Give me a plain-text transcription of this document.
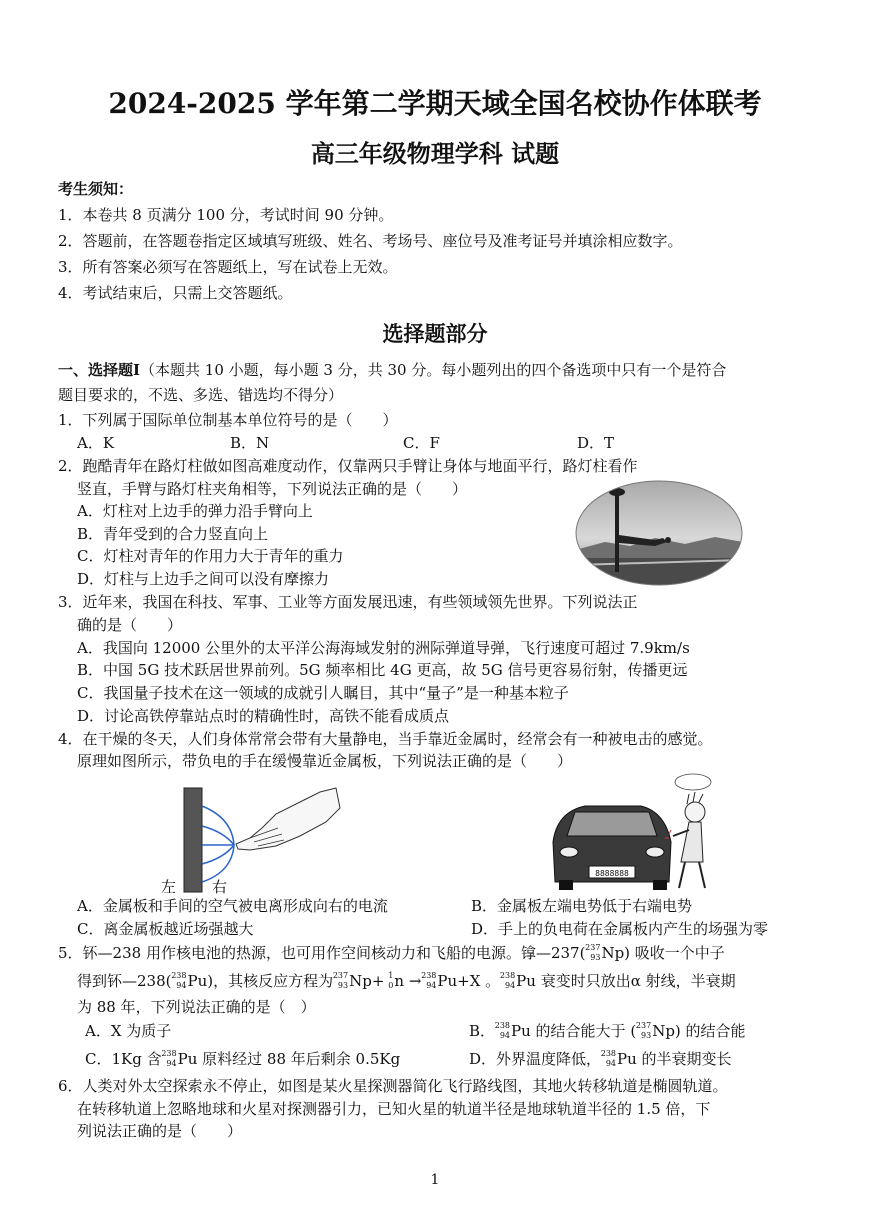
2024-2025 学年第二学期天域全国名校协作体联考
高三年级物理学科 试题
考生须知：
1．本卷共 8 页满分 100 分，考试时间 90 分钟。
2．答题前，在答题卷指定区域填写班级、姓名、考场号、座位号及准考证号并填涂相应数字。
3．所有答案必须写在答题纸上，写在试卷上无效。
4．考试结束后，只需上交答题纸。
选择题部分
一、选择题Ⅰ（本题共 10 小题，每小题 3 分，共 30 分。每小题列出的四个备选项中只有一个是符合
题目要求的，不选、多选、错选均不得分）
1．下列属于国际单位制基本单位符号的是（　　）
A．K	B．N	C．F	D．T
2．跑酷青年在路灯柱做如图高难度动作，仅靠两只手臂让身体与地面平行，路灯柱看作
竖直，手臂与路灯柱夹角相等，下列说法正确的是（　　）
A．灯柱对上边手的弹力沿手臂向上
B．青年受到的合力竖直向上
C．灯柱对青年的作用力大于青年的重力
D．灯柱与上边手之间可以没有摩擦力
3．近年来，我国在科技、军事、工业等方面发展迅速，有些领域领先世界。下列说法正
确的是（　　）
A．我国向 12000 公里外的太平洋公海海域发射的洲际弹道导弹，飞行速度可超过 7.9km/s
B．中国 5G 技术跃居世界前列。5G 频率相比 4G 更高，故 5G 信号更容易衍射，传播更远
C．我国量子技术在这一领域的成就引人瞩目，其中“量子”是一种基本粒子
D．讨论高铁停靠站点时的精确性时，高铁不能看成质点
4．在干燥的冬天，人们身体常常会带有大量静电，当手靠近金属时，经常会有一种被电击的感觉。
原理如图所示，带负电的手在缓慢靠近金属板，下列说法正确的是（　　）
左 右
8888888
A．金属板和手间的空气被电离形成向右的电流	B．金属板左端电势低于右端电势
C．离金属板越近场强越大	D．手上的负电荷在金属板内产生的场强为零
5．钚—238 用作核电池的热源，也可用作空间核动力和飞船的电源。镎—237( 237
93 Np) 吸收一个中子
得到钚—238( 238
94 Pu)，其核反应方程为 237
93 Np+ 1
0 n → 238
94 Pu+X 。 238
94 Pu 衰变时只放出α 射线，半衰期
为 88 年，下列说法正确的是（　）
A．X 为质子	B． 238
94 Pu 的结合能大于 ( 237
93 Np) 的结合能
C．1Kg 含 238
94 Pu 原料经过 88 年后剩余 0.5Kg	D．外界温度降低， 238
94 Pu 的半衰期变长
6．人类对外太空探索永不停止，如图是某火星探测器简化飞行路线图，其地火转移轨道是椭圆轨道。
在转移轨道上忽略地球和火星对探测器引力，已知火星的轨道半径是地球轨道半径的 1.5 倍，下
列说法正确的是（　　）
1
